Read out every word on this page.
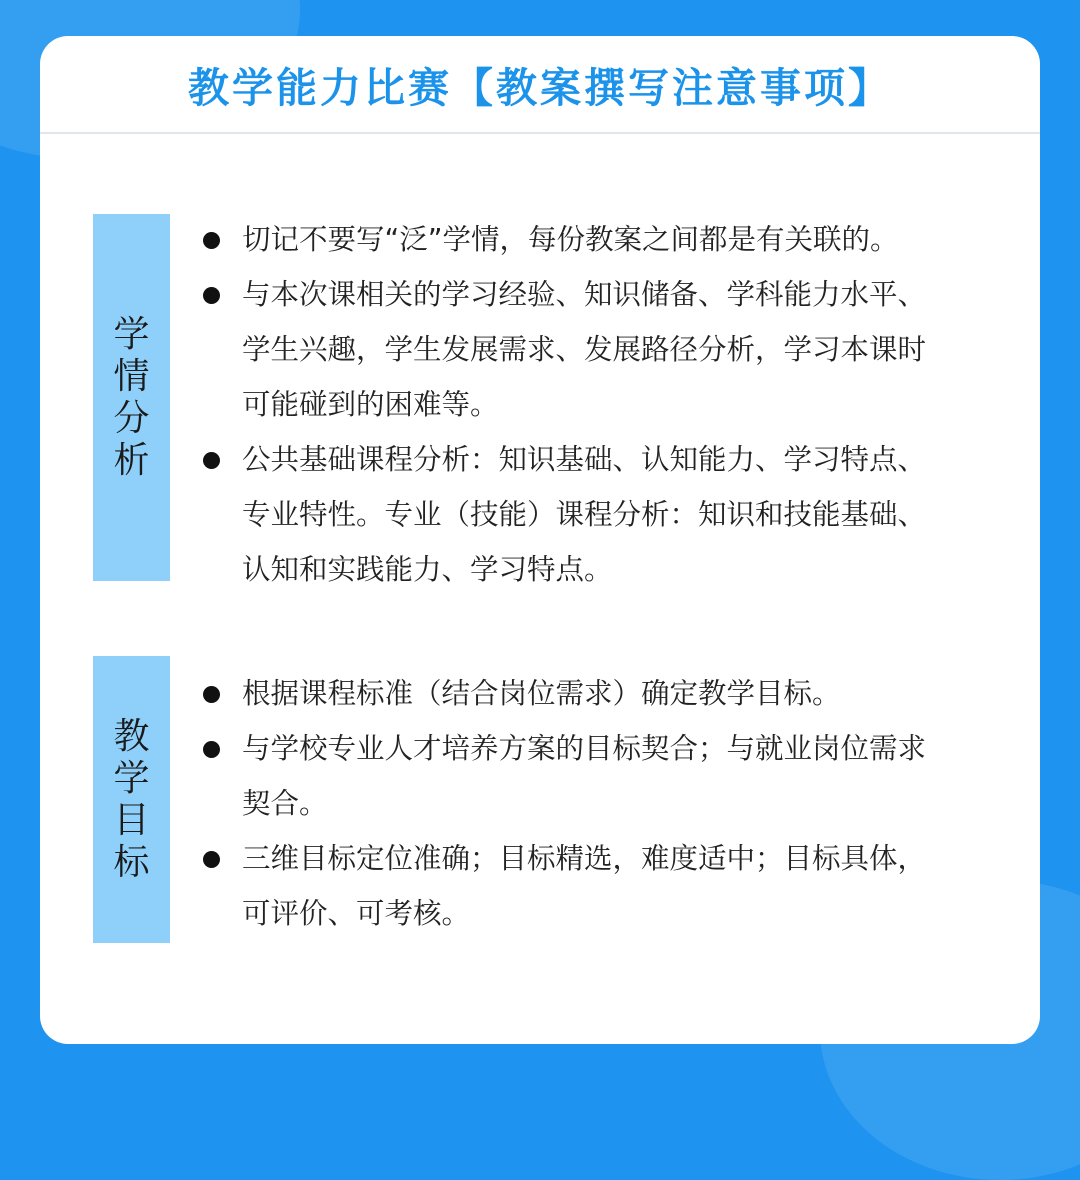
教学能力比赛【教案撰写注意事项】
学
情
分
析
切记不要写“泛”学情，每份教案之间都是有关联的。
与本次课相关的学习经验、知识储备、学科能力水平、
学生兴趣，学生发展需求、发展路径分析，学习本课时
可能碰到的困难等。
公共基础课程分析：知识基础、认知能力、学习特点、
专业特性。专业（技能）课程分析：知识和技能基础、
认知和实践能力、学习特点。
教
学
目
标
根据课程标准（结合岗位需求）确定教学目标。
与学校专业人才培养方案的目标契合；与就业岗位需求
契合。
三维目标定位准确；目标精选，难度适中；目标具体，
可评价、可考核。
